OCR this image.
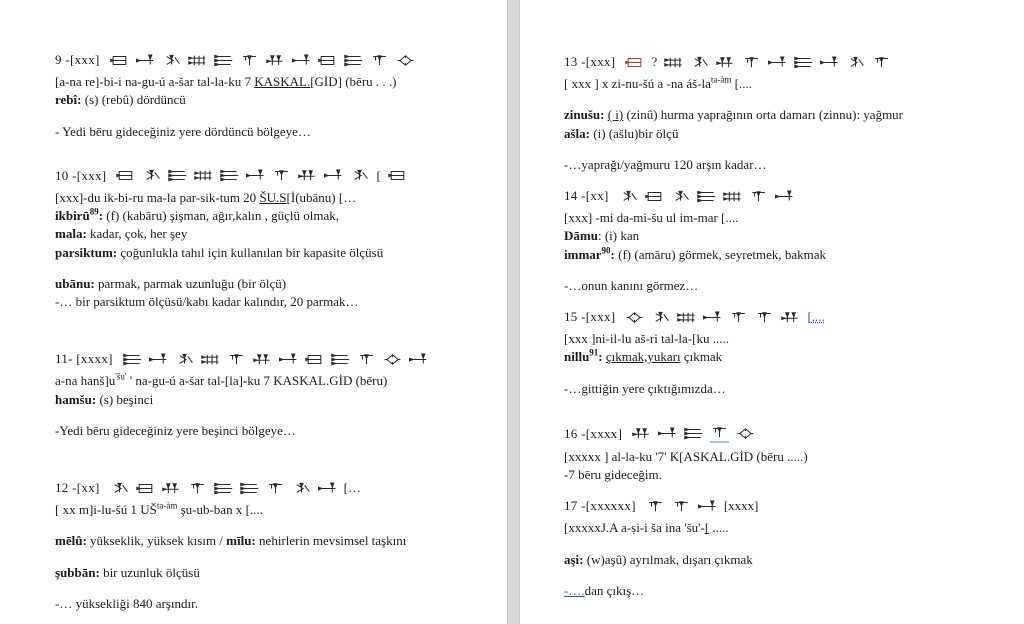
9 -[xxx]
[a-na re]-bi-i na-gu-ú a-šar tal-la-ku 7 KASKAL.[GİD] (bēru . . .)
rebî: (s) (rebû) dördüncü
- Yedi bēru gideceğiniz yere dördüncü bölgeye…
10 -[xxx]	[
[xxx]-du ik-bi-ru ma-la par-sik-tum 20 ŠU.S[İ(ubānu) […
ikbirū$^{89}$: (f) (kabāru) şişman, ağır,kalın , güçlü olmak,
mala: kadar, çok, her şey
parsiktum: çoğunlukla tahıl için kullanılan bir kapasite ölçüsü
ubānu: parmak, parmak uzunluğu (bir ölçü)
-… bir parsiktum ölçüsü/kabı kadar kalındır, 20 parmak…
11- [xxxx]
a-na $hanš]u^{'šu'}$ ' na-gu-ú a-šar tal-[la]-ku 7 KASKAL.GİD (bēru)
hamšu: (s) beşinci
-Yedi bēru gideceğiniz yere beşinci bölgeye…
12 -[xx]	[…
[ xx m]i-lu-šú 1 $UŠ^{ta-àm}$ şu-ub-ban x [....
mēlû: yükseklik, yüksek kısım / mīlu: nehirlerin mevsimsel taşkını
şubbān: bir uzunluk ölçüsü
-… yüksekliği 840 arşındır.
13 -[xxx]	?
[ xxx ] x zi-nu-šú a -na $áš-la^{ta-àm}$ [....
zinušu: ( i) (zinû) hurma yaprağının orta damarı (zinnu): yağmur
ašla: (i) (ašlu)bir ölçü
-…yaprağı/yağmuru 120 arşın kadar…
14 -[xx]
[xxx] -mi da-mi-šu ul im-mar [....
Dāmu: (i) kan
immar$^{90}$: (f) (amāru) görmek, seyretmek, bakmak
-…onun kanını görmez…
15 -[xxx]	[....
[xxx ]ni-il-lu aš-ri tal-la-[ku .....
nillu$^{91}$: çıkmak,yukarı çıkmak
-…gittiğin yere çıktığımızda…
16 -[xxxx]
[xxxxx ] al-la-ku '7' K[ASKAL.GİD (bēru .....)
-7 bēru gideceğim.
17 -[xxxxxx]	[xxxx]
[xxxxxJ.A a-ṣi-i ša ina 'šu'-[ .....
aşi: (w)aşû) ayrılmak, dışarı çıkmak
-….dan çıkış…
